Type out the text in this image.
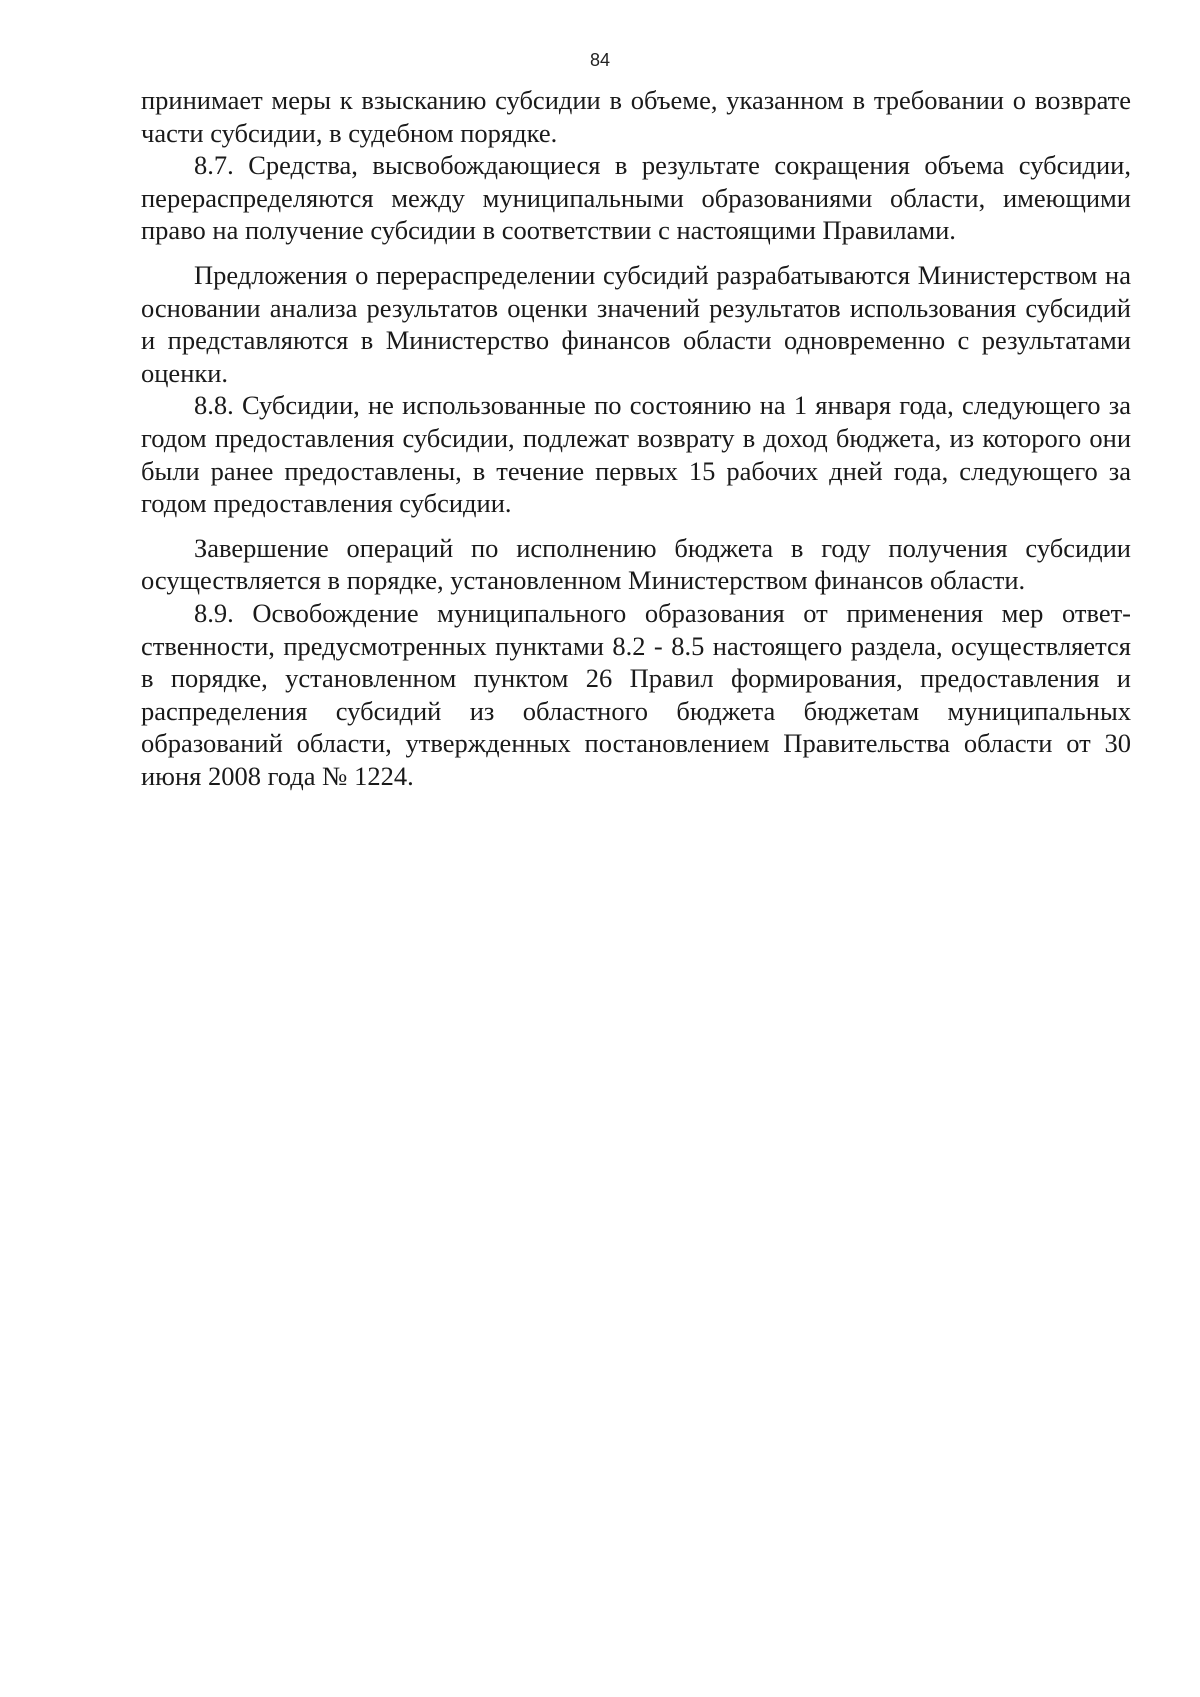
84

принимает меры к взысканию субсидии в объеме, указанном в требовании о возврате части субсидии, в судебном порядке.

8.7. Средства, высвобождающиеся в результате сокращения объема субсидии, перераспределяются между муниципальными образованиями области, имеющими право на получение субсидии в соответствии с настоящими Правилами.

Предложения о перераспределении субсидий разрабатываются Министерством на основании анализа результатов оценки значений результатов использования субсидий и представляются в Министерство финансов области одновременно с результатами оценки.

8.8. Субсидии, не использованные по состоянию на 1 января года, следующего за годом предоставления субсидии, подлежат возврату в доход бюджета, из которого они были ранее предоставлены, в течение первых 15 рабочих дней года, следующего за годом предоставления субсидии.

Завершение операций по исполнению бюджета в году получения субсидии осуществляется в порядке, установленном Министерством финансов области.

8.9. Освобождение муниципального образования от применения мер ответственности, предусмотренных пунктами 8.2 - 8.5 настоящего раздела, осуществляется в порядке, установленном пунктом 26 Правил формирования, предоставления и распределения субсидий из областного бюджета бюджетам муниципальных образований области, утвержденных постановлением Правительства области от 30 июня 2008 года № 1224.
